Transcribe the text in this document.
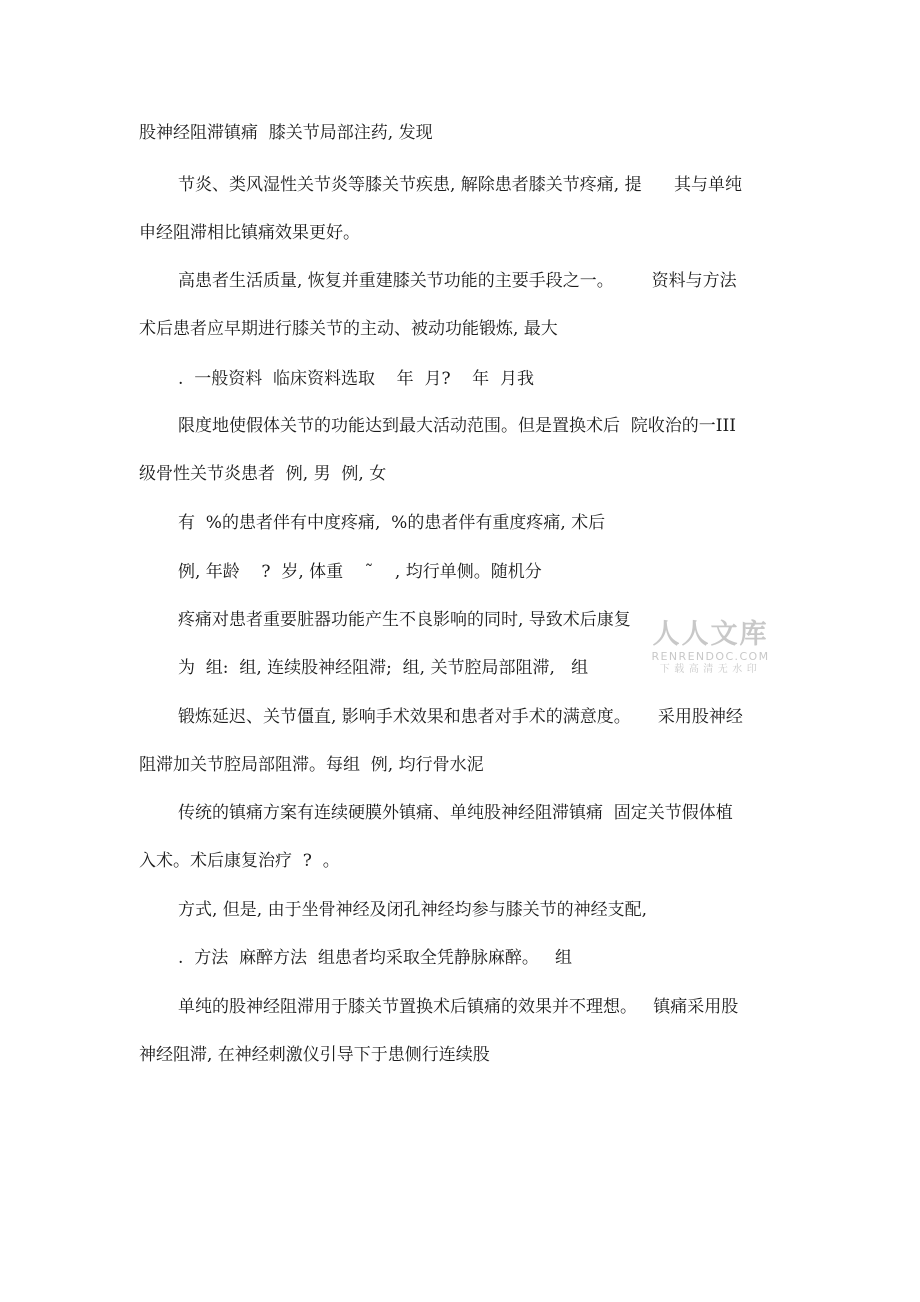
股神经阻滞镇痛  膝关节局部注药, 发现
节炎、类风湿性关节炎等膝关节疾患, 解除患者膝关节疼痛, 提      其与单纯
申经阻滞相比镇痛效果更好。
高患者生活质量, 恢复并重建膝关节功能的主要手段之一。       资料与方法
术后患者应早期进行膝关节的主动、被动功能锻炼, 最大
.  一般资料  临床资料选取    年  月?    年  月我
限度地使假体关节的功能达到最大活动范围。但是置换术后  院收治的一III
级骨性关节炎患者  例, 男  例, 女
有  %的患者伴有中度疼痛,  %的患者伴有重度疼痛, 术后
例, 年龄    ?  岁, 体重    ˜    , 均行单侧。随机分
疼痛对患者重要脏器功能产生不良影响的同时, 导致术后康复
为  组:  组, 连续股神经阻滞;  组, 关节腔局部阻滞,   组
锻炼延迟、关节僵直, 影响手术效果和患者对手术的满意度。     采用股神经
阻滞加关节腔局部阻滞。每组  例, 均行骨水泥
传统的镇痛方案有连续硬膜外镇痛、单纯股神经阻滞镇痛  固定关节假体植
入术。术后康复治疗  ?  。
方式, 但是, 由于坐骨神经及闭孔神经均参与膝关节的神经支配,
.  方法  麻醉方法  组患者均采取全凭静脉麻醉。   组
单纯的股神经阻滞用于膝关节置换术后镇痛的效果并不理想。   镇痛采用股
神经阻滞, 在神经刺激仪引导下于患侧行连续股
人人文库
RENRENDOC.COM
下载高清无水印
